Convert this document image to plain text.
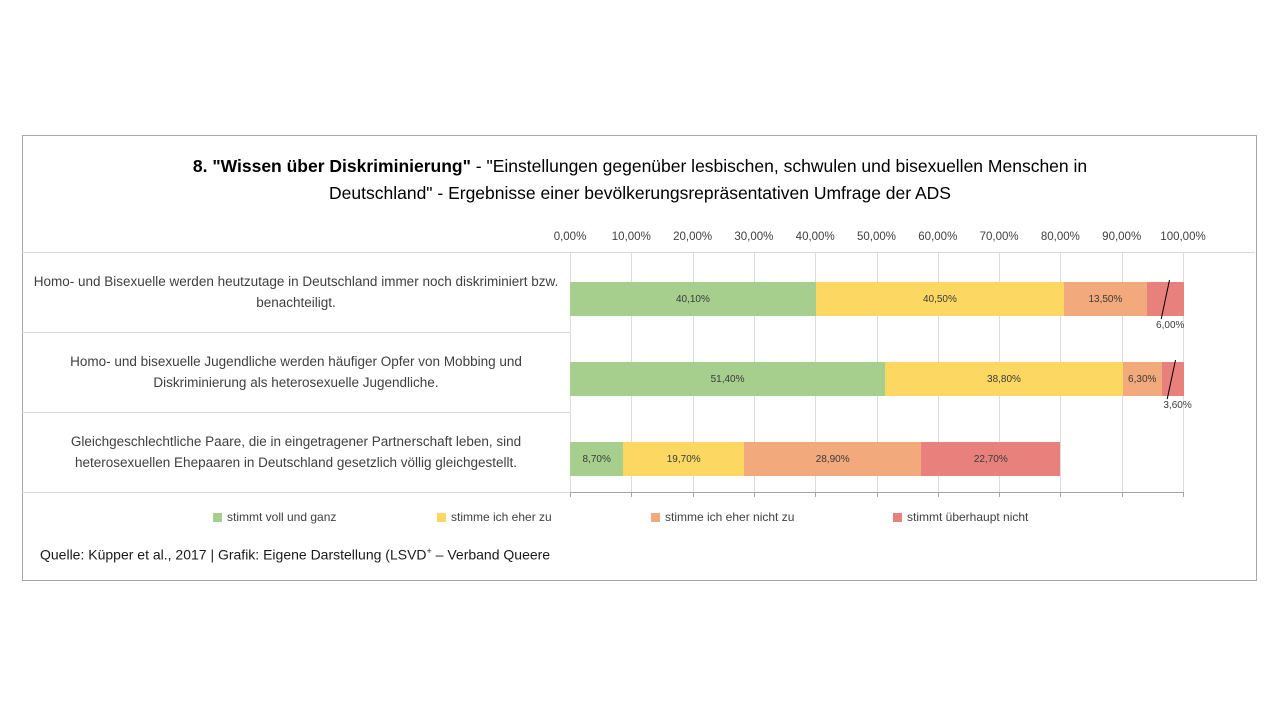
8. "Wissen über Diskriminierung" - "Einstellungen gegenüber lesbischen, schwulen und bisexuellen Menschen in Deutschland" - Ergebnisse einer bevölkerungsrepräsentativen Umfrage der ADS
0,00% 10,00% 20,00% 30,00% 40,00% 50,00% 60,00% 70,00% 80,00% 90,00% 100,00%
Homo- und Bisexuelle werden heutzutage in Deutschland immer noch diskriminiert bzw. benachteiligt.	40,10%	40,50%	13,50%
6,00%
Homo- und bisexuelle Jugendliche werden häufiger Opfer von Mobbing und Diskriminierung als heterosexuelle Jugendliche.	51,40%	38,80%	6,30%
3,60%
Gleichgeschlechtliche Paare, die in eingetragener Partnerschaft leben, sind heterosexuellen Ehepaaren in Deutschland gesetzlich völlig gleichgestellt.	8,70%	19,70%	28,90%	22,70%
stimmt voll und ganz	stimme ich eher zu	stimme ich eher nicht zu	stimmt überhaupt nicht
Quelle: Küpper et al., 2017 | Grafik: Eigene Darstellung (LSVD+ – Verband Queere
